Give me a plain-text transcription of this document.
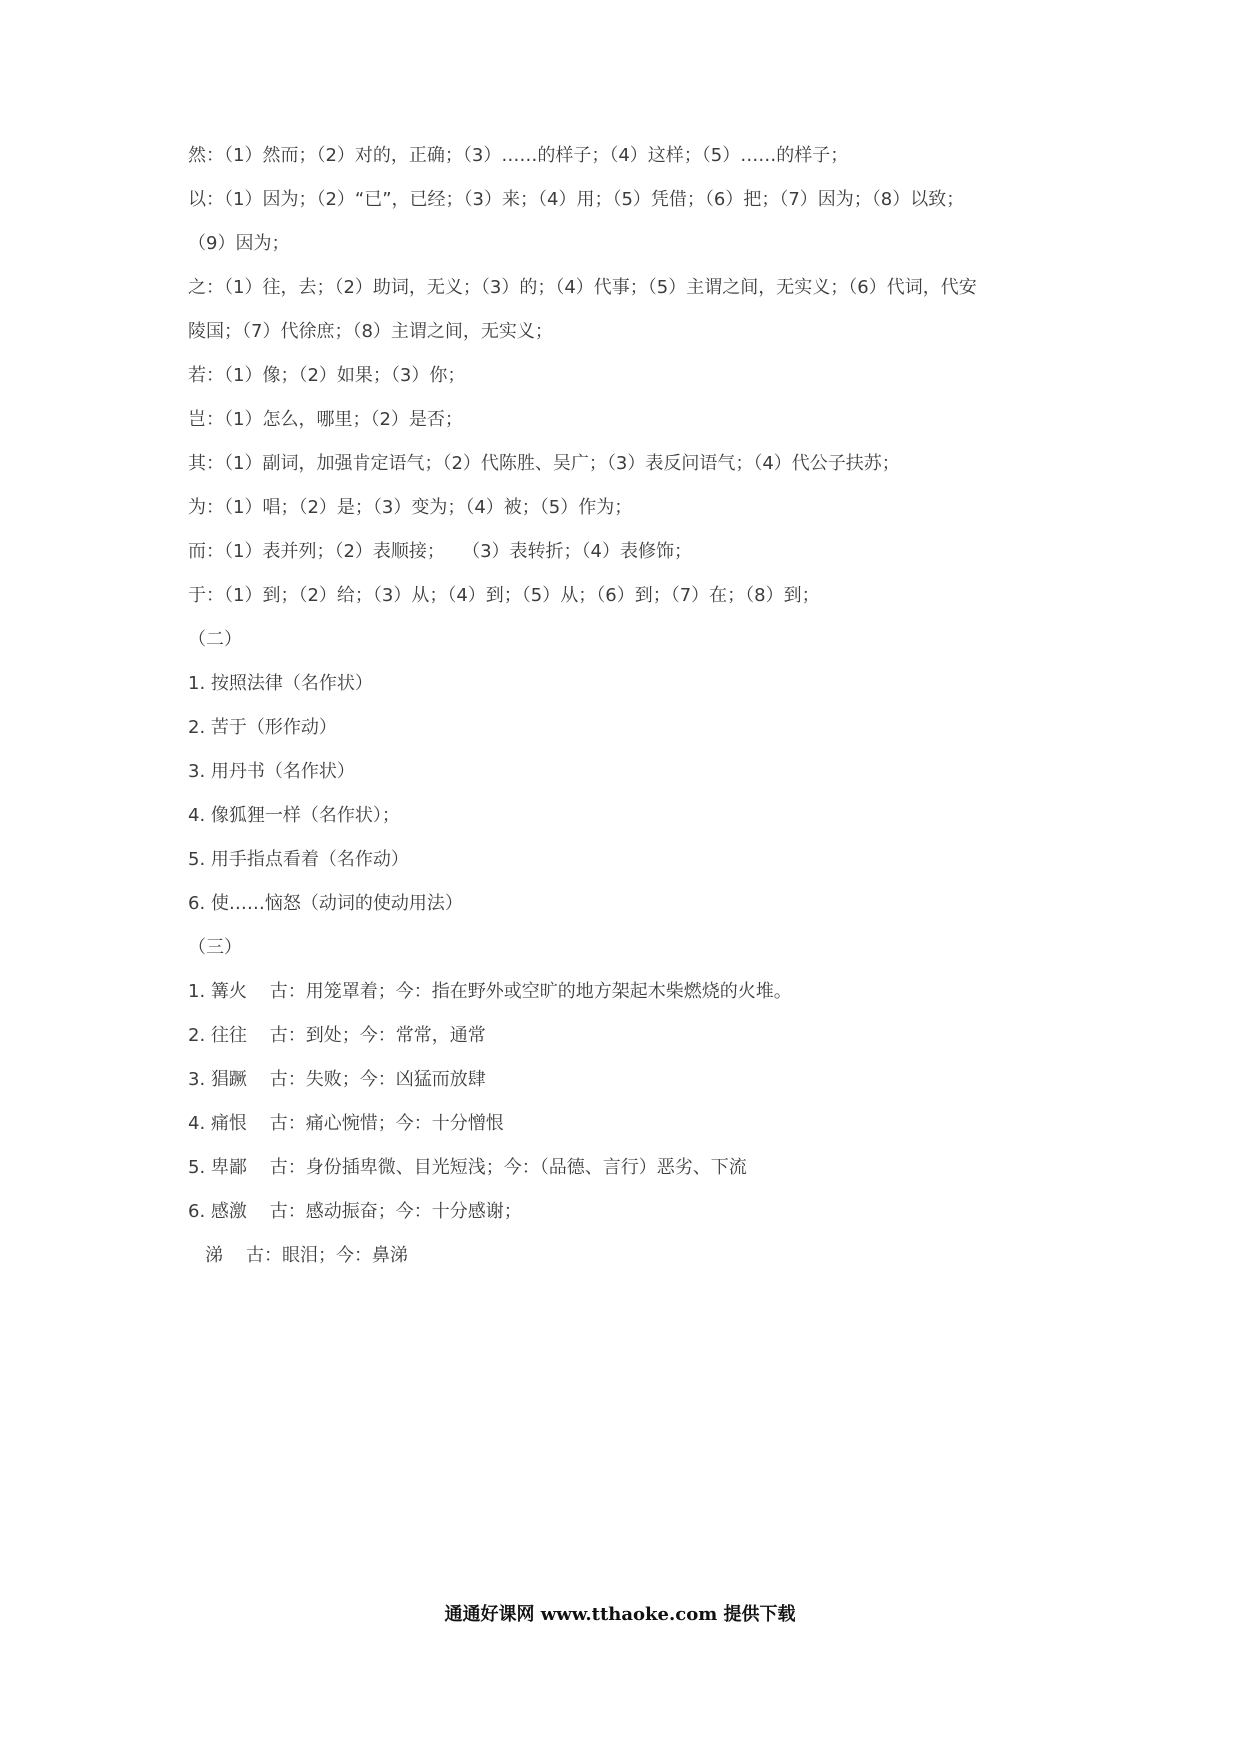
然：（1）然而；（2）对的，正确；（3）……的样子；（4）这样；（5）……的样子；
以：（1）因为；（2）“已”，已经；（3）来；（4）用；（5）凭借；（6）把；（7）因为；（8）以致；
（9）因为；
之：（1）往，去；（2）助词，无义；（3）的；（4）代事；（5）主谓之间，无实义；（6）代词，代安
陵国；（7）代徐庶；（8）主谓之间，无实义；
若：（1）像；（2）如果；（3）你；
岂：（1）怎么，哪里；（2）是否；
其：（1）副词，加强肯定语气；（2）代陈胜、吴广；（3）表反问语气；（4）代公子扶苏；
为：（1）唱；（2）是；（3）变为；（4）被；（5）作为；
而：（1）表并列；（2）表顺接；   （3）表转折；（4）表修饰；
于：（1）到；（2）给；（3）从；（4）到；（5）从；（6）到；（7）在；（8）到；
（二）
1. 按照法律（名作状）
2. 苦于（形作动）
3. 用丹书（名作状）
4. 像狐狸一样（名作状）；
5. 用手指点看着（名作动）
6. 使……恼怒（动词的使动用法）
（三）
1. 篝火    古：用笼罩着；今：指在野外或空旷的地方架起木柴燃烧的火堆。
2. 往往    古：到处；今：常常，通常
3. 猖蹶    古：失败；今：凶猛而放肆
4. 痛恨    古：痛心惋惜；今：十分憎恨
5. 卑鄙    古：身份插卑微、目光短浅；今：（品德、言行）恶劣、下流
6. 感激    古：感动振奋；今：十分感谢；
涕    古：眼泪；今：鼻涕
通通好课网 www.tthaoke.com 提供下载
